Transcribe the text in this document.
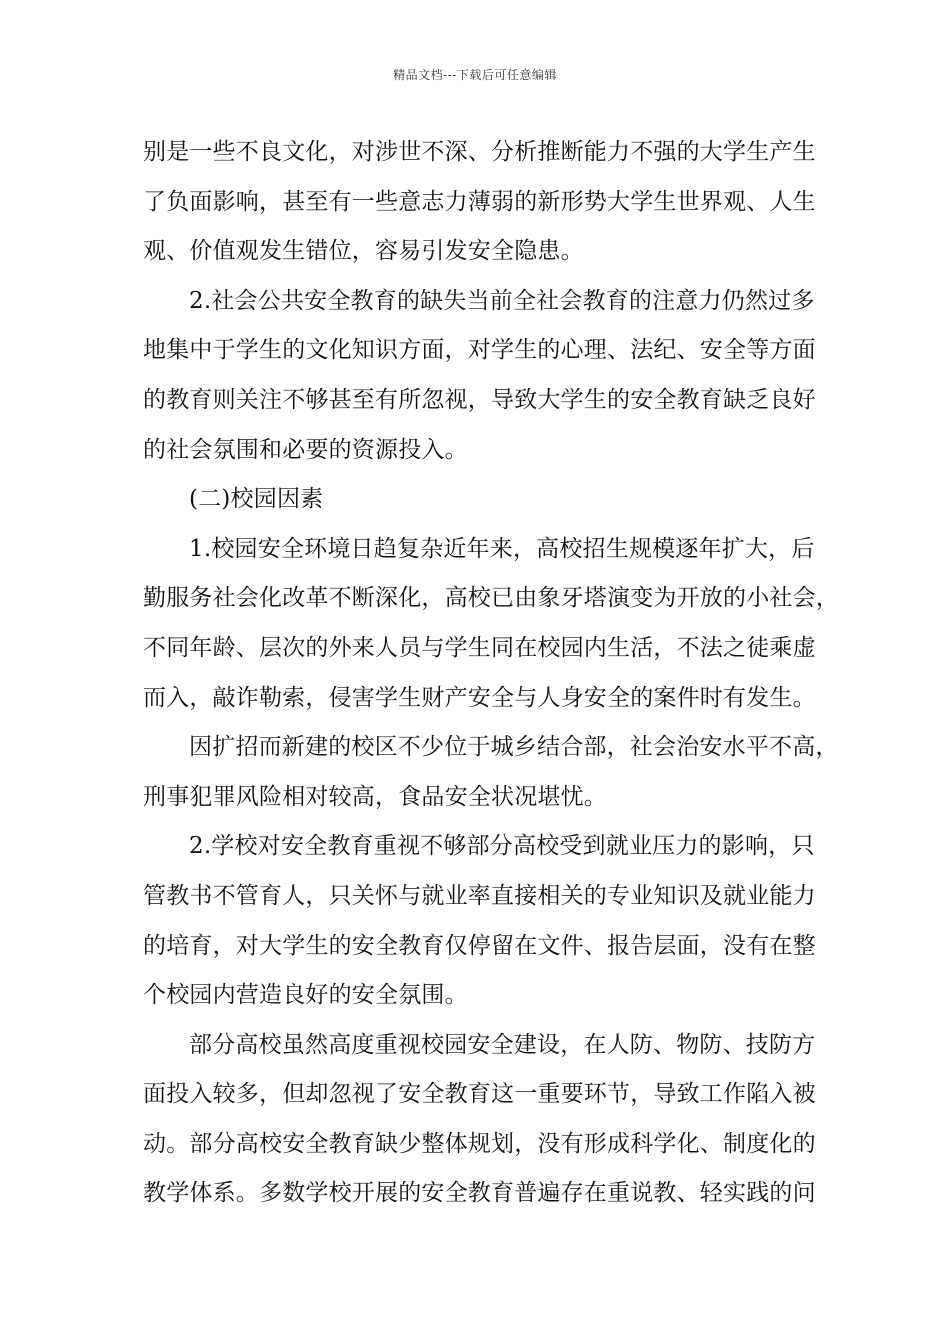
精品文档---下载后可任意编辑
别是一些不良文化，对涉世不深、分析推断能力不强的大学生产生
了负面影响，甚至有一些意志力薄弱的新形势大学生世界观、人生
观、价值观发生错位，容易引发安全隐患。
2.社会公共安全教育的缺失当前全社会教育的注意力仍然过多
地集中于学生的文化知识方面，对学生的心理、法纪、安全等方面
的教育则关注不够甚至有所忽视，导致大学生的安全教育缺乏良好
的社会氛围和必要的资源投入。
(二)校园因素
1.校园安全环境日趋复杂近年来，高校招生规模逐年扩大，后
勤服务社会化改革不断深化，高校已由象牙塔演变为开放的小社会，
不同年龄、层次的外来人员与学生同在校园内生活，不法之徒乘虚
而入，敲诈勒索，侵害学生财产安全与人身安全的案件时有发生。
因扩招而新建的校区不少位于城乡结合部，社会治安水平不高，
刑事犯罪风险相对较高，食品安全状况堪忧。
2.学校对安全教育重视不够部分高校受到就业压力的影响，只
管教书不管育人，只关怀与就业率直接相关的专业知识及就业能力
的培育，对大学生的安全教育仅停留在文件、报告层面，没有在整
个校园内营造良好的安全氛围。
部分高校虽然高度重视校园安全建设，在人防、物防、技防方
面投入较多，但却忽视了安全教育这一重要环节，导致工作陷入被
动。部分高校安全教育缺少整体规划，没有形成科学化、制度化的
教学体系。多数学校开展的安全教育普遍存在重说教、轻实践的问
